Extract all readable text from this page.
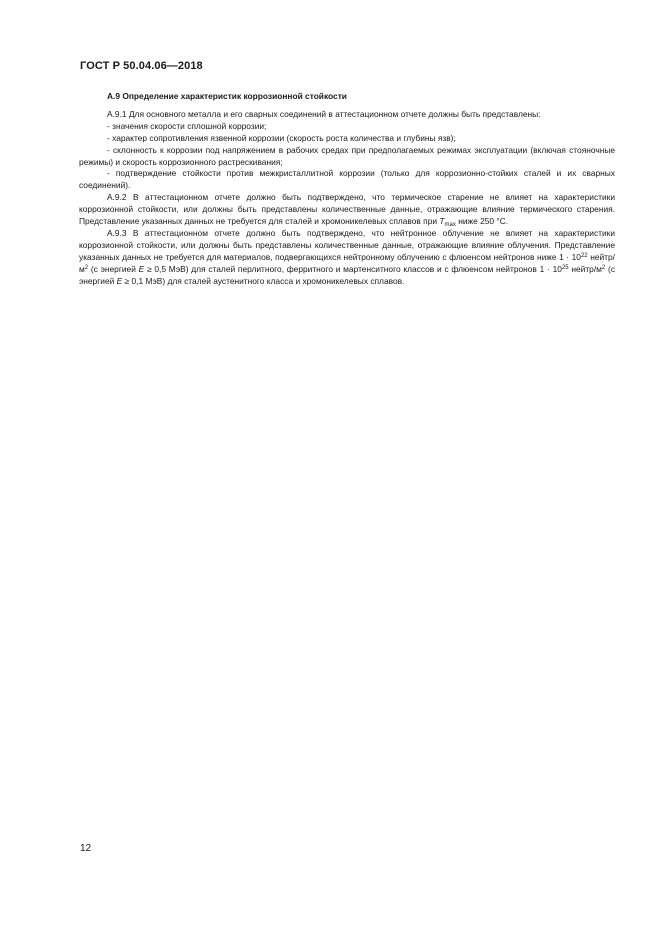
ГОСТ Р 50.04.06—2018
А.9 Определение характеристик коррозионной стойкости

А.9.1 Для основного металла и его сварных соединений в аттестационном отчете должны быть представлены:

- значения скорости сплошной коррозии;

- характер сопротивления язвенной коррозии (скорость роста количества и глубины язв);

- склонность к коррозии под напряжением в рабочих средах при предполагаемых режимах эксплуатации (включая стояночные режимы) и скорость коррозионного растрескивания;

- подтверждение стойкости против межкристаллитной коррозии (только для коррозионно-стойких сталей и их сварных соединений).

А.9.2 В аттестационном отчете должно быть подтверждено, что термическое старение не влияет на характеристики коррозионной стойкости, или должны быть представлены количественные данные, отражающие влияние термического старения. Представление указанных данных не требуется для сталей и хромоникелевых сплавов при $T_{max}$ ниже 250 °С.

А.9.3 В аттестационном отчете должно быть подтверждено, что нейтронное облучение не влияет на характеристики коррозионной стойкости, или должны быть представлены количественные данные, отражающие влияние облучения. Представление указанных данных не требуется для материалов, подвергающихся нейтронному облучению с флюенсом нейтронов ниже $1 \cdot 10^{22}$ нейтр/$м^2$ (с энергией E ≥ 0,5 МэВ) для сталей перлитного, ферритного и мартенситного классов и с флюенсом нейтронов $1 \cdot 10^{25}$ нейтр/$м^2$ (с энергией E ≥ 0,1 МэВ) для сталей аустенитного класса и хромоникелевых сплавов.

12
